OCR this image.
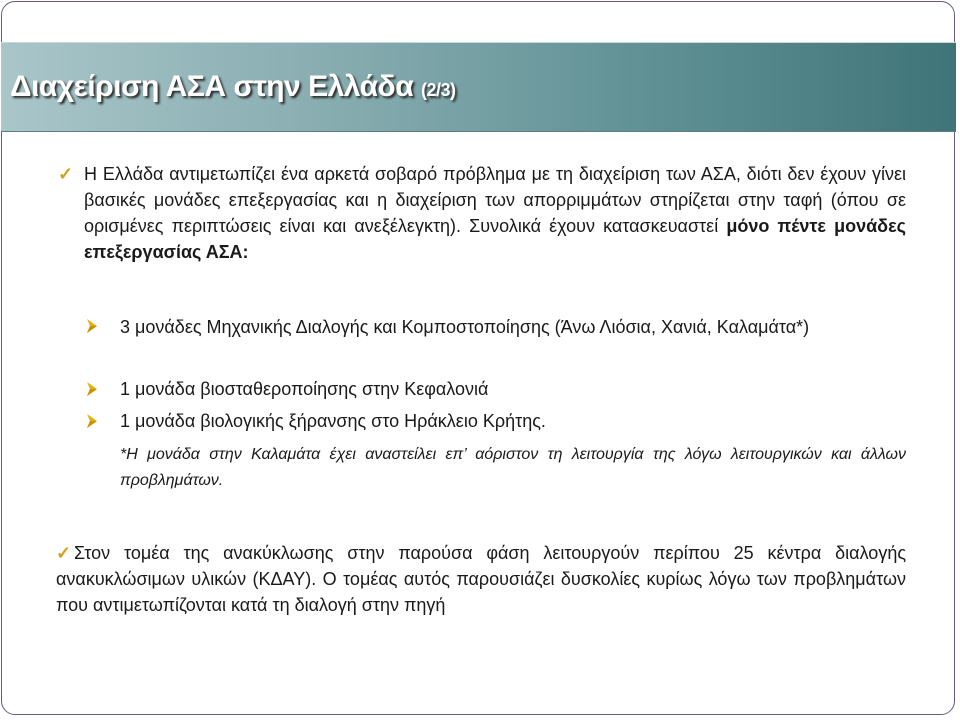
Διαχείριση ΑΣΑ στην Ελλάδα (2/3)
✓ Η Ελλάδα αντιμετωπίζει ένα αρκετά σοβαρό πρόβλημα με τη διαχείριση των ΑΣΑ, διότι δεν έχουν γίνει βασικές μονάδες επεξεργασίας και η διαχείριση των απορριμμάτων στηρίζεται στην ταφή (όπου σε ορισμένες περιπτώσεις είναι και ανεξέλεγκτη). Συνολικά έχουν κατασκευαστεί μόνο πέντε μονάδες επεξεργασίας ΑΣΑ:

3 μονάδες Μηχανικής Διαλογής και Κομποστοποίησης (Άνω Λιόσια, Χανιά, Καλαμάτα*)

1 μονάδα βιοσταθεροποίησης στην Κεφαλονιά

1 μονάδα βιολογικής ξήρανσης στο Ηράκλειο Κρήτης.

*Η μονάδα στην Καλαμάτα έχει αναστείλει επ’ αόριστον τη λειτουργία της λόγω λειτουργικών και άλλων προβλημάτων.

✓ Στον τομέα της ανακύκλωσης στην παρούσα φάση λειτουργούν περίπου 25 κέντρα διαλογής ανακυκλώσιμων υλικών (ΚΔΑΥ). Ο τομέας αυτός παρουσιάζει δυσκολίες κυρίως λόγω των προβλημάτων που αντιμετωπίζονται κατά τη διαλογή στην πηγή
